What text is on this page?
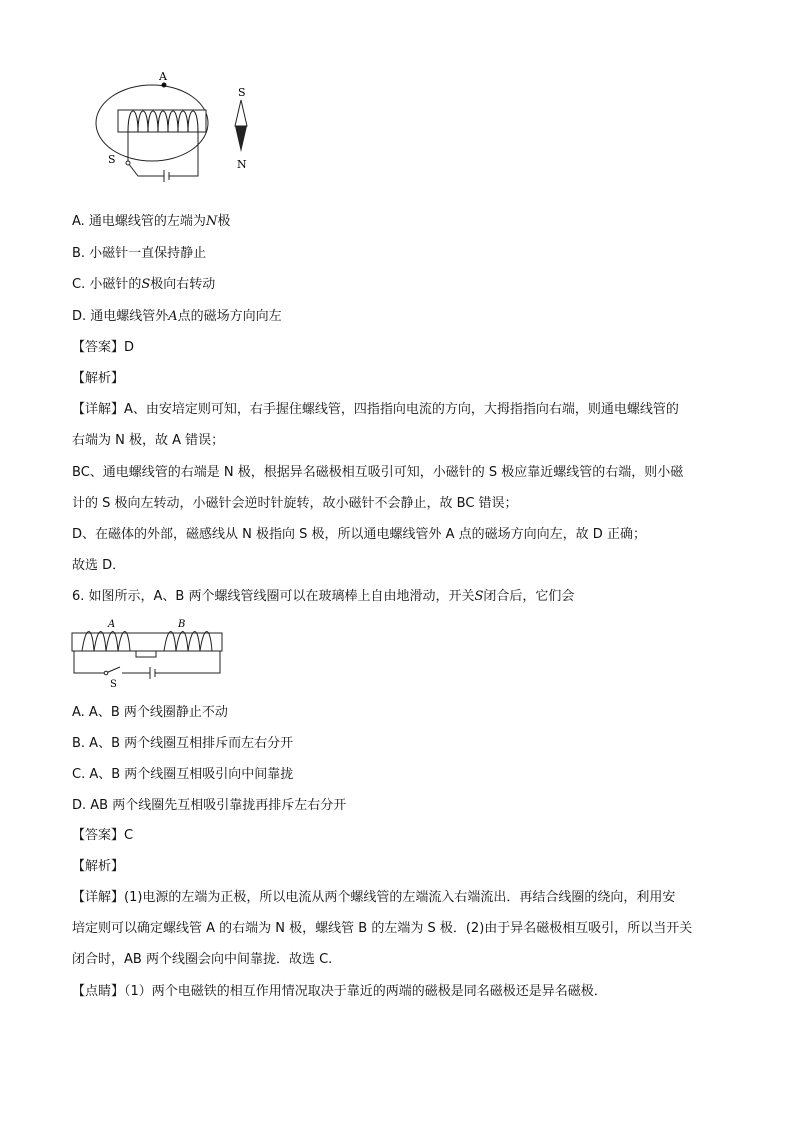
A
S
S
N
A. 通电螺线管的左端为N极
B. 小磁针一直保持静止
C. 小磁针的S极向右转动
D. 通电螺线管外A点的磁场方向向左
【答案】D
【解析】
【详解】A、由安培定则可知，右手握住螺线管，四指指向电流的方向，大拇指指向右端，则通电螺线管的
右端为 N 极，故 A 错误；
BC、通电螺线管的右端是 N 极，根据异名磁极相互吸引可知，小磁针的 S 极应靠近螺线管的右端，则小磁
计的 S 极向左转动，小磁针会逆时针旋转，故小磁针不会静止，故 BC 错误；
D、在磁体的外部，磁感线从 N 极指向 S 极，所以通电螺线管外 A 点的磁场方向向左，故 D 正确；
故选 D．
6. 如图所示，A、B 两个螺线管线圈可以在玻璃棒上自由地滑动，开关S闭合后，它们会
A	B
S
A. A、B 两个线圈静止不动
B. A、B 两个线圈互相排斥而左右分开
C. A、B 两个线圈互相吸引向中间靠拢
D. AB 两个线圈先互相吸引靠拢再排斥左右分开
【答案】C
【解析】
【详解】(1)电源的左端为正极，所以电流从两个螺线管的左端流入右端流出．再结合线圈的绕向，利用安
培定则可以确定螺线管 A 的右端为 N 极，螺线管 B 的左端为 S 极．(2)由于异名磁极相互吸引，所以当开关
闭合时，AB 两个线圈会向中间靠拢．故选 C.
【点睛】（1）两个电磁铁的相互作用情况取决于靠近的两端的磁极是同名磁极还是异名磁极．
